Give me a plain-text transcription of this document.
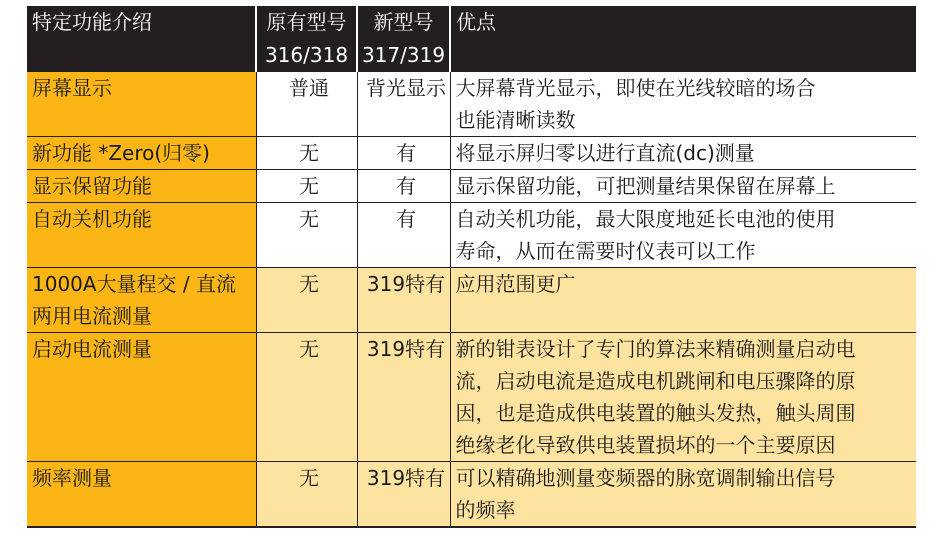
特定功能介绍	原有型号	新型号	优点
	316/318	317/319	
屏幕显示	普通	背光显示	大屏幕背光显示，即使在光线较暗的场合
也能清晰读数

新功能 *Zero(归零)	无	有	将显示屏归零以进行直流(dc)测量

显示保留功能	无	有	显示保留功能，可把测量结果保留在屏幕上

自动关机功能	无	有	自动关机功能，最大限度地延长电池的使用
寿命，从而在需要时仪表可以工作

1000A大量程交 / 直流
两用电流测量	无	319特有	应用范围更广

启动电流测量	无	319特有	新的钳表设计了专门的算法来精确测量启动电
流，启动电流是造成电机跳闸和电压骤降的原
因，也是造成供电装置的触头发热，触头周围
绝缘老化导致供电装置损坏的一个主要原因

频率测量	无	319特有	可以精确地测量变频器的脉宽调制输出信号
的频率
